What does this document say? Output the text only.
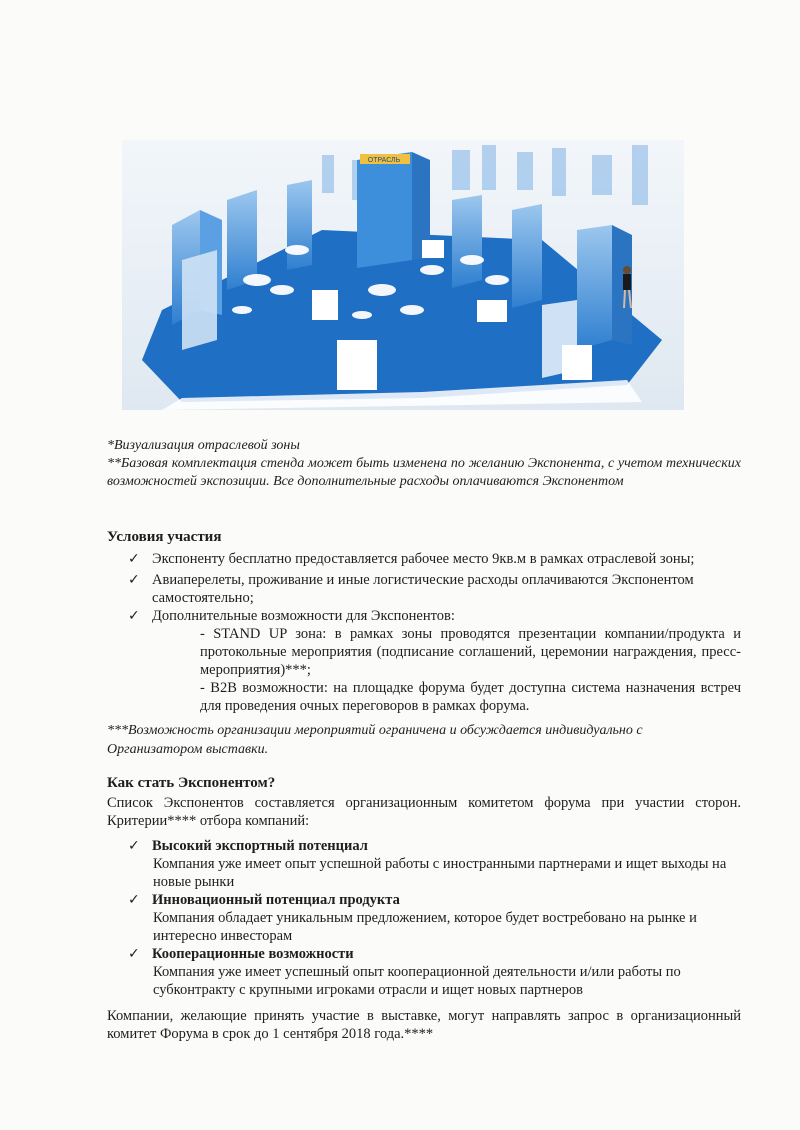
ОТРАСЛЬ
*Визуализация отраслевой зоны
**Базовая комплектация стенда может быть изменена по желанию Экспонента, с учетом технических возможностей экспозиции. Все дополнительные расходы оплачиваются Экспонентом
Условия участия
✓ Экспоненту бесплатно предоставляется рабочее место 9кв.м в рамках отраслевой зоны;
✓ Авиаперелеты, проживание и иные логистические расходы оплачиваются Экспонентом самостоятельно;
✓ Дополнительные возможности для Экспонентов:
- STAND UP зона: в рамках зоны проводятся презентации компании/продукта и протокольные мероприятия (подписание соглашений, церемонии награждения, пресс-мероприятия)***;
- B2B возможности: на площадке форума будет доступна система назначения встреч для проведения очных переговоров в рамках форума.
***Возможность организации мероприятий ограничена и обсуждается индивидуально с Организатором выставки.
Как стать Экспонентом?
Список Экспонентов составляется организационным комитетом форума при участии сторон. Критерии**** отбора компаний:
✓ Высокий экспортный потенциал
Компания уже имеет опыт успешной работы с иностранными партнерами и ищет выходы на новые рынки
✓ Инновационный потенциал продукта
Компания обладает уникальным предложением, которое будет востребовано на рынке и интересно инвесторам
✓ Кооперационные возможности
Компания уже имеет успешный опыт кооперационной деятельности и/или работы по субконтракту с крупными игроками отрасли и ищет новых партнеров
Компании, желающие принять участие в выставке, могут направлять запрос в организационный комитет Форума в срок до 1 сентября 2018 года.****
